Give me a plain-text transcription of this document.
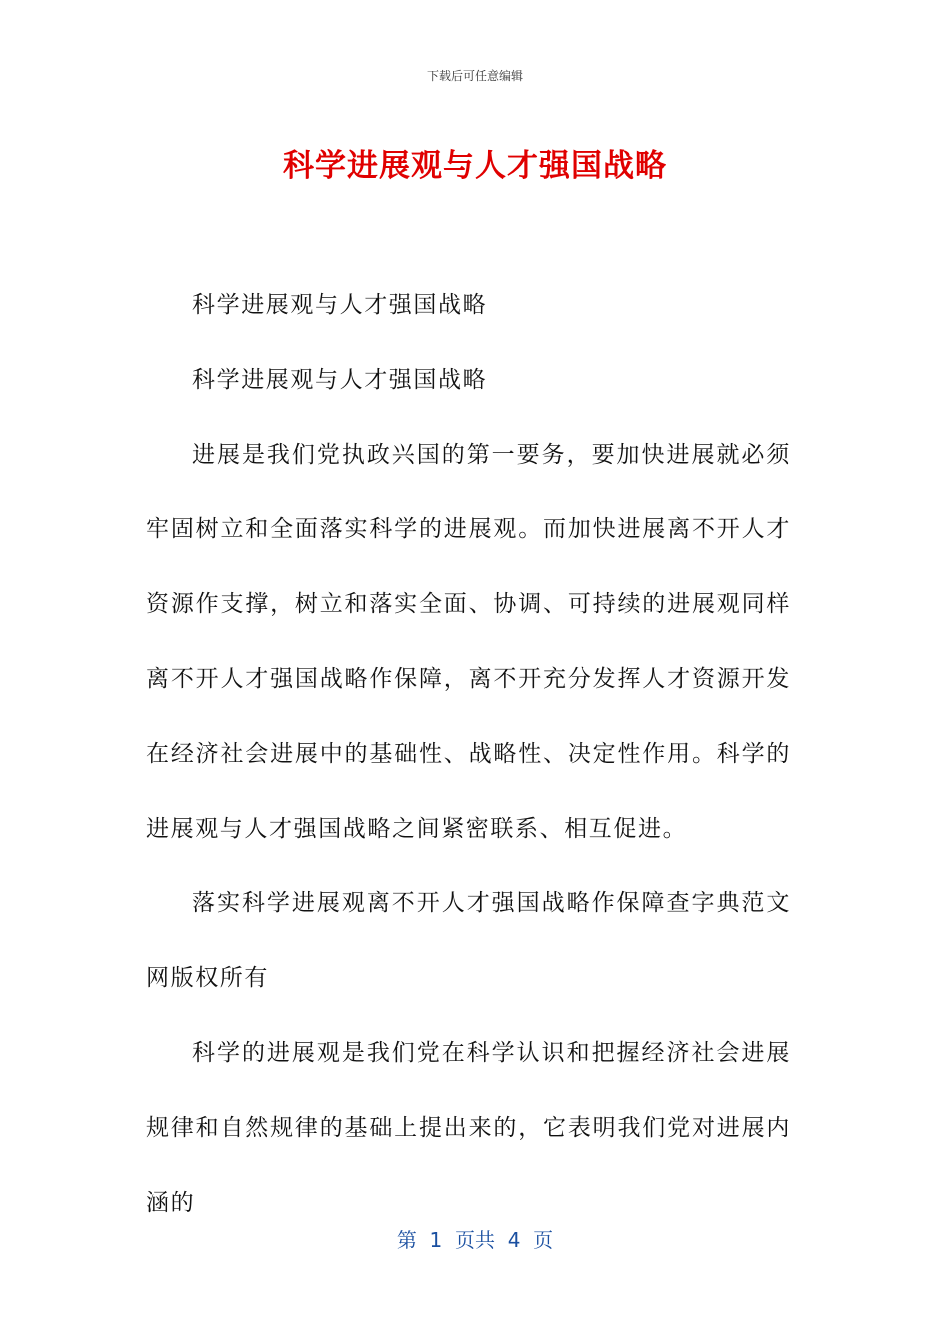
下载后可任意编辑
科学进展观与人才强国战略

科学进展观与人才强国战略

科学进展观与人才强国战略

进展是我们党执政兴国的第一要务，要加快进展就必须牢固树立和全面落实科学的进展观。而加快进展离不开人才资源作支撑，树立和落实全面、协调、可持续的进展观同样离不开人才强国战略作保障，离不开充分发挥人才资源开发在经济社会进展中的基础性、战略性、决定性作用。科学的进展观与人才强国战略之间紧密联系、相互促进。

落实科学进展观离不开人才强国战略作保障查字典范文网版权所有

科学的进展观是我们党在科学认识和把握经济社会进展规律和自然规律的基础上提出来的，它表明我们党对进展内涵的

第  1  页共  4  页
